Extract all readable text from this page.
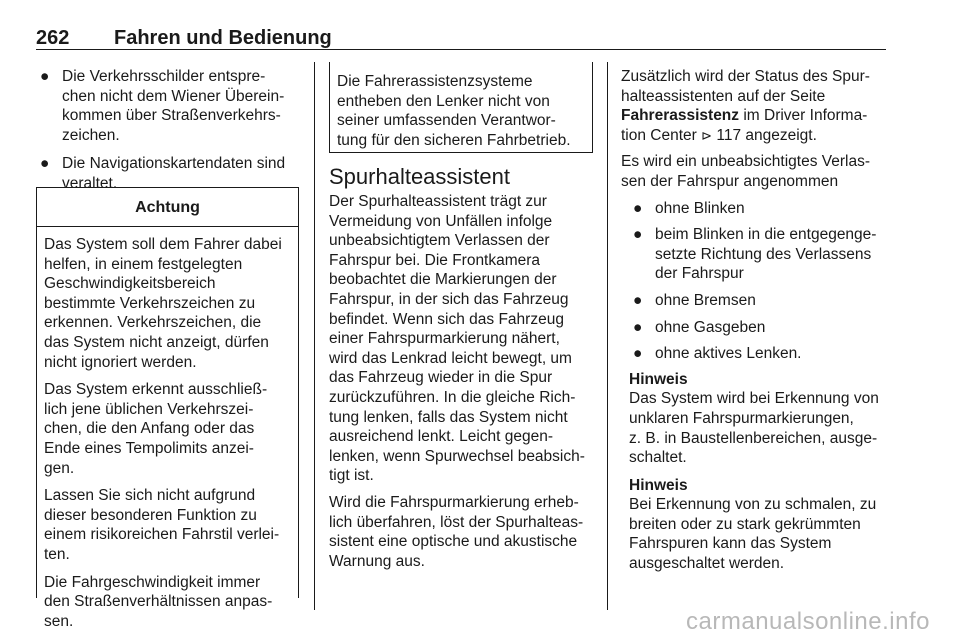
262 Fahren und Bedienung
● Die Verkehrsschilder entspre-
chen nicht dem Wiener Überein-
kommen über Straßenverkehrs-
zeichen.
● Die Navigationskartendaten sind
veraltet.
Achtung

Das System soll dem Fahrer dabei
helfen, in einem festgelegten
Geschwindigkeitsbereich
bestimmte Verkehrszeichen zu
erkennen. Verkehrszeichen, die
das System nicht anzeigt, dürfen
nicht ignoriert werden.

Das System erkennt ausschließ-
lich jene üblichen Verkehrszei-
chen, die den Anfang oder das
Ende eines Tempolimits anzei-
gen.

Lassen Sie sich nicht aufgrund
dieser besonderen Funktion zu
einem risikoreichen Fahrstil verlei-
ten.

Die Fahrgeschwindigkeit immer
den Straßenverhältnissen anpas-
sen.

Die Fahrerassistenzsysteme
entheben den Lenker nicht von
seiner umfassenden Verantwor-
tung für den sicheren Fahrbetrieb.
Spurhalteassistent

Der Spurhalteassistent trägt zur
Vermeidung von Unfällen infolge
unbeabsichtigtem Verlassen der
Fahrspur bei. Die Frontkamera
beobachtet die Markierungen der
Fahrspur, in der sich das Fahrzeug
befindet. Wenn sich das Fahrzeug
einer Fahrspurmarkierung nähert,
wird das Lenkrad leicht bewegt, um
das Fahrzeug wieder in die Spur
zurückzuführen. In die gleiche Rich-
tung lenken, falls das System nicht
ausreichend lenkt. Leicht gegen-
lenken, wenn Spurwechsel beabsich-
tigt ist.

Wird die Fahrspurmarkierung erheb-
lich überfahren, löst der Spurhalteas-
sistent eine optische und akustische
Warnung aus.

Zusätzlich wird der Status des Spur-
halteassistenten auf der Seite
Fahrerassistenz im Driver Informa-
tion Center ⊳ 117 angezeigt.

Es wird ein unbeabsichtigtes Verlas-
sen der Fahrspur angenommen

● ohne Blinken
● beim Blinken in die entgegenge-
setzte Richtung des Verlassens
der Fahrspur
● ohne Bremsen
● ohne Gasgeben
● ohne aktives Lenken.
Hinweis
Das System wird bei Erkennung von
unklaren Fahrspurmarkierungen,
z. B. in Baustellenbereichen, ausge-
schaltet.
Hinweis
Bei Erkennung von zu schmalen, zu
breiten oder zu stark gekrümmten
Fahrspuren kann das System
ausgeschaltet werden.
carmanualsonline.info
